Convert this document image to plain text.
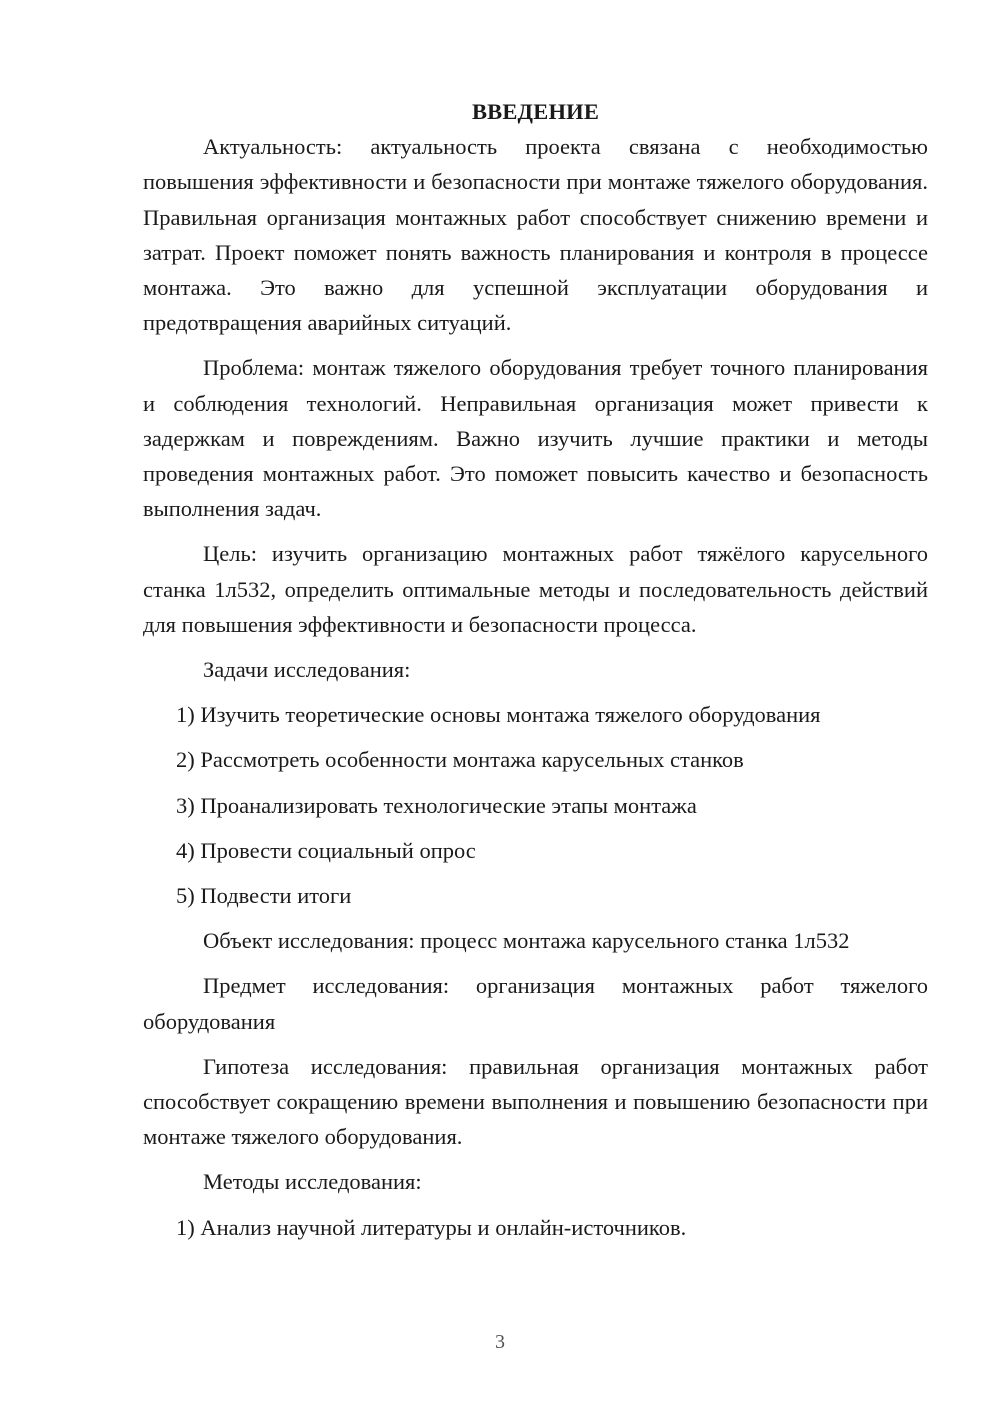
ВВЕДЕНИЕ
Актуальность: актуальность проекта связана с необходимостью повышения эффективности и безопасности при монтаже тяжелого оборудования. Правильная организация монтажных работ способствует снижению времени и затрат. Проект поможет понять важность планирования и контроля в процессе монтажа. Это важно для успешной эксплуатации оборудования и предотвращения аварийных ситуаций.
Проблема: монтаж тяжелого оборудования требует точного планирования и соблюдения технологий. Неправильная организация может привести к задержкам и повреждениям. Важно изучить лучшие практики и методы проведения монтажных работ. Это поможет повысить качество и безопасность выполнения задач.
Цель: изучить организацию монтажных работ тяжёлого карусельного станка 1л532, определить оптимальные методы и последовательность действий для повышения эффективности и безопасности процесса.
Задачи исследования:
1) Изучить теоретические основы монтажа тяжелого оборудования
2) Рассмотреть особенности монтажа карусельных станков
3) Проанализировать технологические этапы монтажа
4) Провести социальный опрос
5) Подвести итоги
Объект исследования: процесс монтажа карусельного станка 1л532
Предмет исследования: организация монтажных работ тяжелого оборудования
Гипотеза исследования: правильная организация монтажных работ способствует сокращению времени выполнения и повышению безопасности при монтаже тяжелого оборудования.
Методы исследования:
1) Анализ научной литературы и онлайн-источников.
3
